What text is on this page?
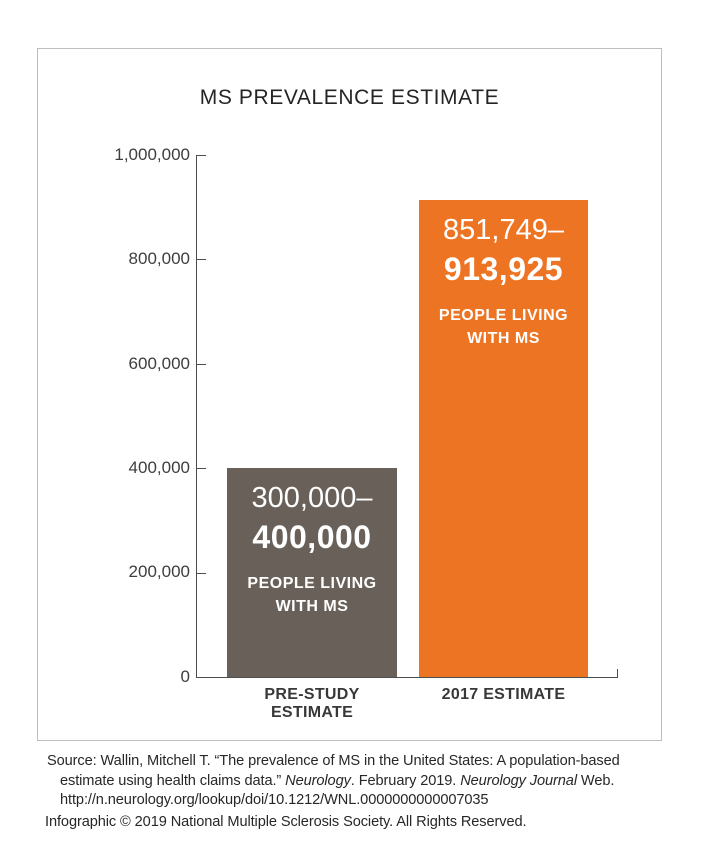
MS PREVALENCE ESTIMATE
1,000,000
800,000
600,000
400,000
200,000
0
300,000–
400,000
PEOPLE LIVING
WITH MS
851,749–
913,925
PEOPLE LIVING
WITH MS
PRE-STUDY ESTIMATE
2017 ESTIMATE
Source: Wallin, Mitchell T. “The prevalence of MS in the United States: A population-based
estimate using health claims data.” Neurology. February 2019. Neurology Journal Web.
http://n.neurology.org/lookup/doi/10.1212/WNL.0000000000007035
Infographic © 2019 National Multiple Sclerosis Society. All Rights Reserved.
